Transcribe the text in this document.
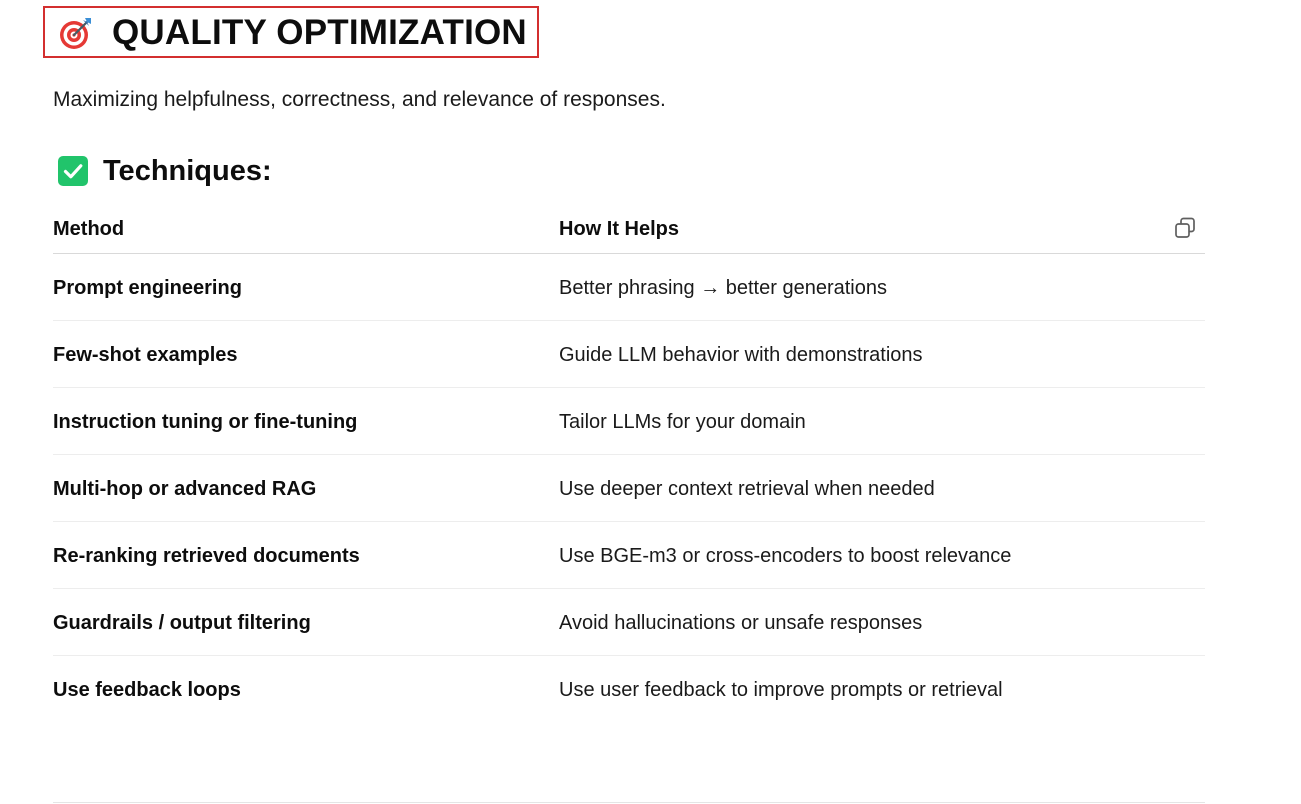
QUALITY OPTIMIZATION
Maximizing helpfulness, correctness, and relevance of responses.
Techniques:
Method	How It Helps
Prompt engineering	Better phrasing → better generations
Few-shot examples	Guide LLM behavior with demonstrations
Instruction tuning or fine-tuning	Tailor LLMs for your domain
Multi-hop or advanced RAG	Use deeper context retrieval when needed
Re-ranking retrieved documents	Use BGE-m3 or cross-encoders to boost relevance
Guardrails / output filtering	Avoid hallucinations or unsafe responses
Use feedback loops	Use user feedback to improve prompts or retrieval
